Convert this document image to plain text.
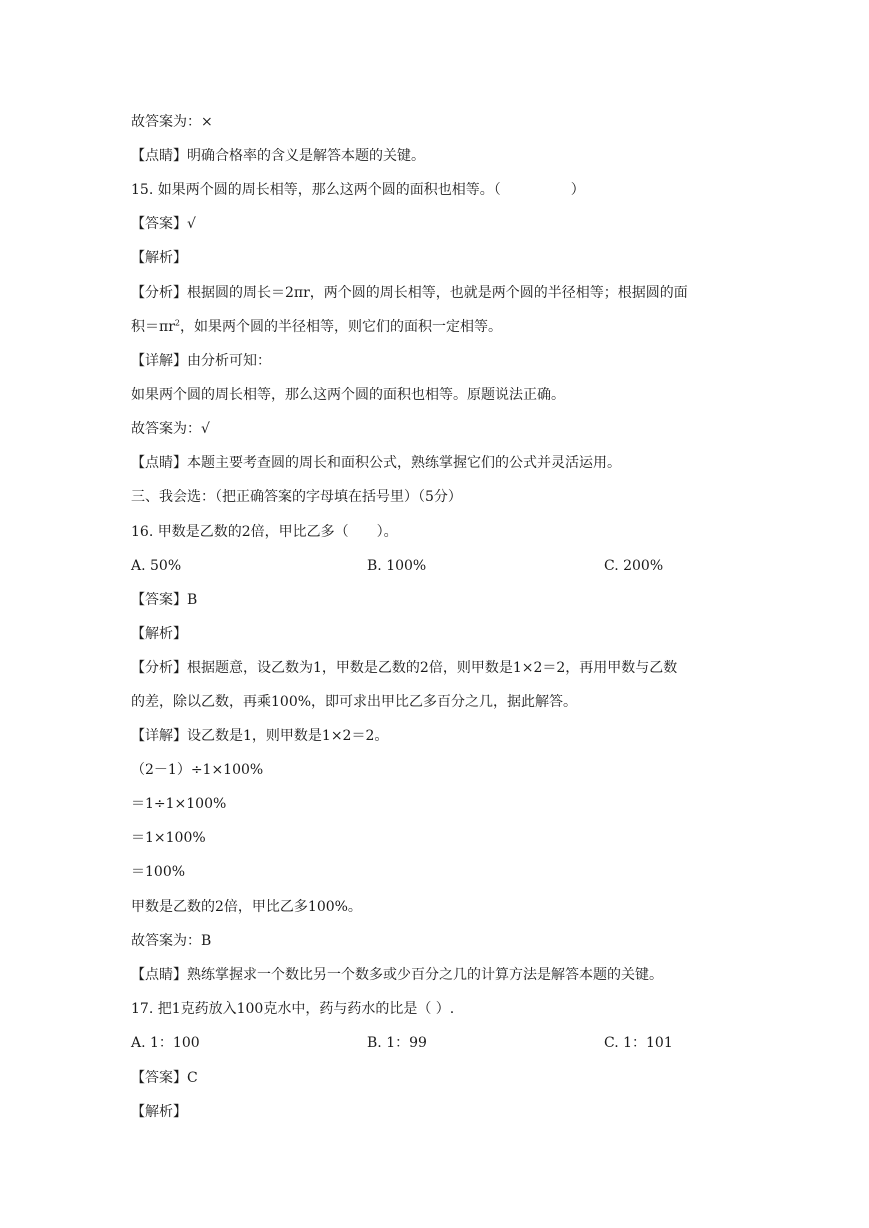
故答案为：×
【点睛】明确合格率的含义是解答本题的关键。
15. 如果两个圆的周长相等，那么这两个圆的面积也相等。（　　　　　）
【答案】√
【解析】
【分析】根据圆的周长＝2πr，两个圆的周长相等，也就是两个圆的半径相等；根据圆的面
积$=\pi r^2$，如果两个圆的半径相等，则它们的面积一定相等。
【详解】由分析可知：
如果两个圆的周长相等，那么这两个圆的面积也相等。原题说法正确。
故答案为：√
【点睛】本题主要考查圆的周长和面积公式，熟练掌握它们的公式并灵活运用。
三、我会选：（把正确答案的字母填在括号里）（5分）
16. 甲数是乙数的2倍，甲比乙多（　　）。
A. 50%	B. 100%	C. 200%
【答案】B
【解析】
【分析】根据题意，设乙数为1，甲数是乙数的2倍，则甲数是1×2＝2，再用甲数与乙数
的差，除以乙数，再乘100%，即可求出甲比乙多百分之几，据此解答。
【详解】设乙数是1，则甲数是1×2＝2。
（2－1）÷1×100%
＝1÷1×100%
＝1×100%
＝100%
甲数是乙数的2倍，甲比乙多100%。
故答案为：B
【点睛】熟练掌握求一个数比另一个数多或少百分之几的计算方法是解答本题的关键。
17. 把1克药放入100克水中，药与药水的比是（ ）.
A. 1：100	B. 1：99	C. 1：101
【答案】C
【解析】
